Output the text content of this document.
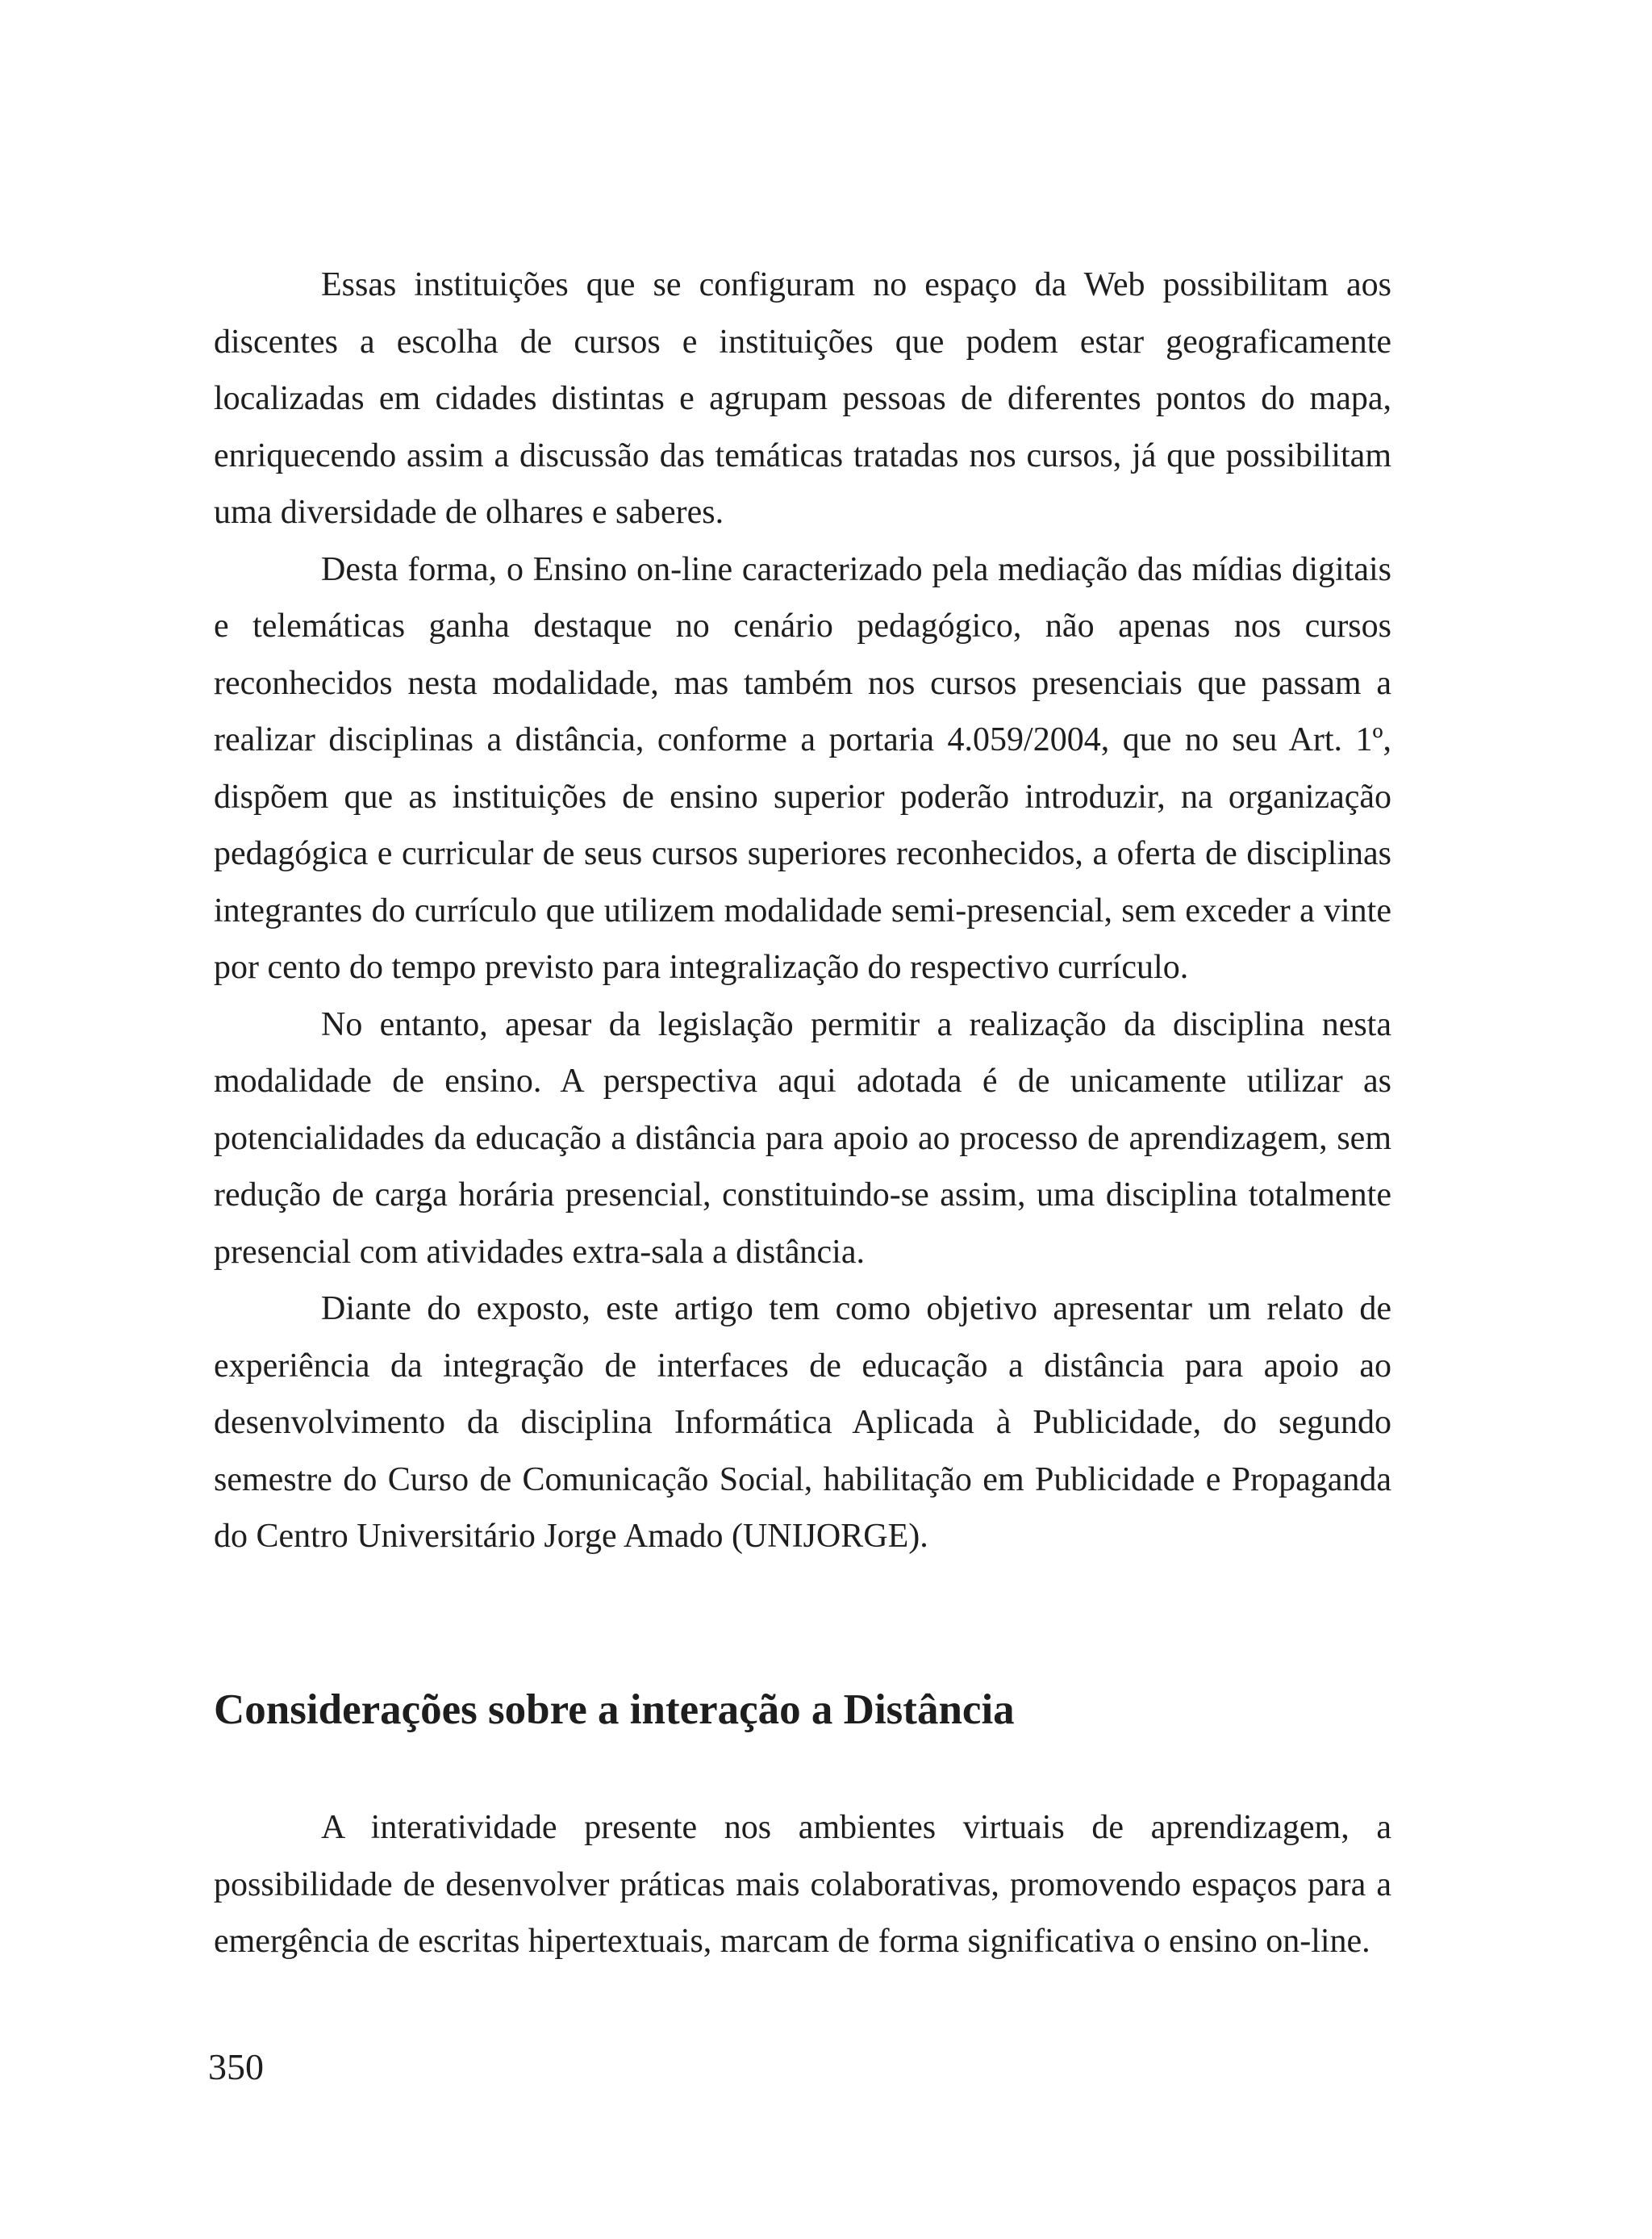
Essas instituições que se configuram no espaço da Web possibilitam aos discentes a escolha de cursos e instituições que podem estar geograficamente localizadas em cidades distintas e agrupam pessoas de diferentes pontos do mapa, enriquecendo assim a discussão das temáticas tratadas nos cursos, já que possibilitam uma diversidade de olhares e saberes.

Desta forma, o Ensino on-line caracterizado pela mediação das mídias digitais e telemáticas ganha destaque no cenário pedagógico, não apenas nos cursos reconhecidos nesta modalidade, mas também nos cursos presenciais que passam a realizar disciplinas a distância, conforme a portaria 4.059/2004, que no seu Art. 1º, dispõem que as instituições de ensino superior poderão introduzir, na organização pedagógica e curricular de seus cursos superiores reconhecidos, a oferta de disciplinas integrantes do currículo que utilizem modalidade semi-presencial, sem exceder a vinte por cento do tempo previsto para integralização do respectivo currículo.

No entanto, apesar da legislação permitir a realização da disciplina nesta modalidade de ensino. A perspectiva aqui adotada é de unicamente utilizar as potencialidades da educação a distância para apoio ao processo de aprendizagem, sem redução de carga horária presencial, constituindo-se assim, uma disciplina totalmente presencial com atividades extra-sala a distância.

Diante do exposto, este artigo tem como objetivo apresentar um relato de experiência da integração de interfaces de educação a distância para apoio ao desenvolvimento da disciplina Informática Aplicada à Publicidade, do segundo semestre do Curso de Comunicação Social, habilitação em Publicidade e Propaganda do Centro Universitário Jorge Amado (UNIJORGE).

Considerações sobre a interação a Distância

A interatividade presente nos ambientes virtuais de aprendizagem, a possibilidade de desenvolver práticas mais colaborativas, promovendo espaços para a emergência de escritas hipertextuais, marcam de forma significativa o ensino on-line.

350
